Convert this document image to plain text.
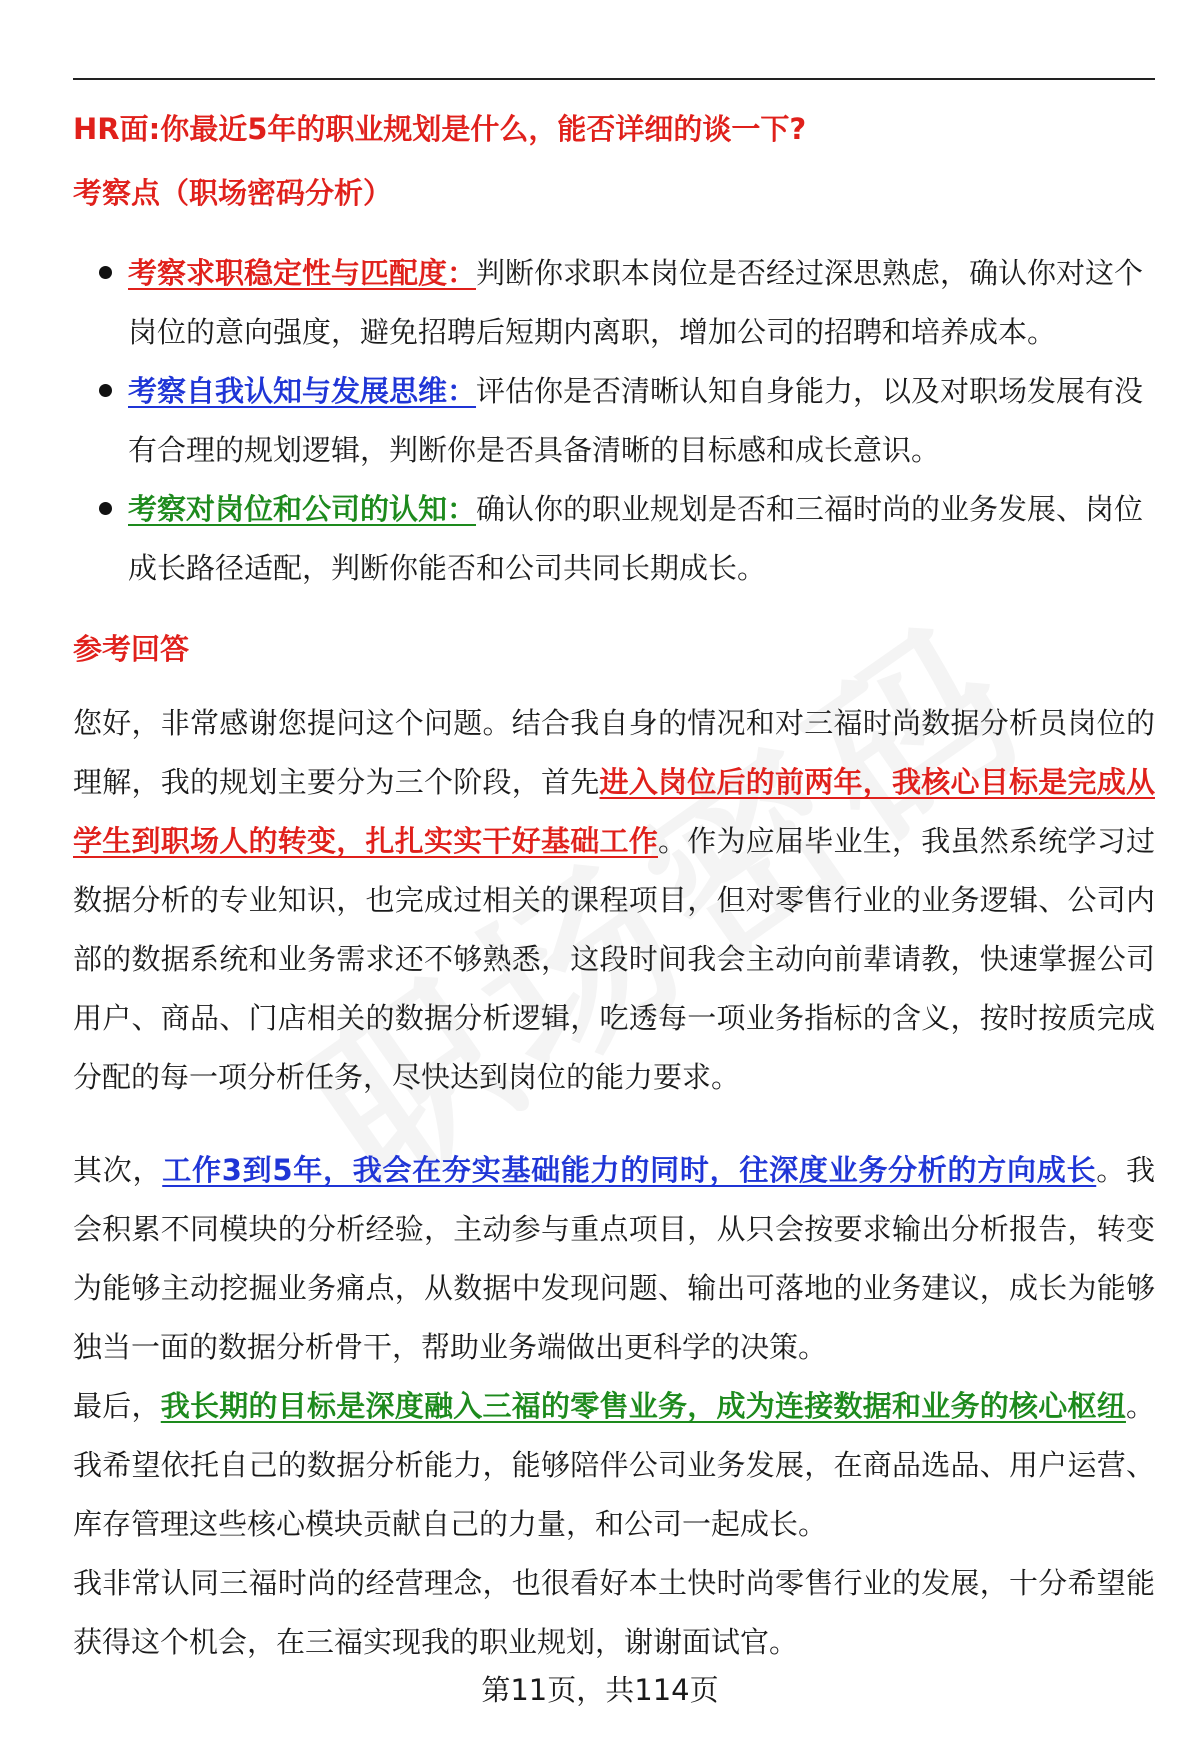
HR面:你最近5年的职业规划是什么，能否详细的谈一下?

考察点（职场密码分析）

考察求职稳定性与匹配度：判断你求职本岗位是否经过深思熟虑，确认你对这个岗位的意向强度，避免招聘后短期内离职，增加公司的招聘和培养成本。
考察自我认知与发展思维：评估你是否清晰认知自身能力，以及对职场发展有没有合理的规划逻辑，判断你是否具备清晰的目标感和成长意识。
考察对岗位和公司的认知：确认你的职业规划是否和三福时尚的业务发展、岗位成长路径适配，判断你能否和公司共同长期成长。

参考回答

您好，非常感谢您提问这个问题。结合我自身的情况和对三福时尚数据分析员岗位的理解，我的规划主要分为三个阶段，首先进入岗位后的前两年，我核心目标是完成从学生到职场人的转变，扎扎实实干好基础工作。作为应届毕业生，我虽然系统学习过数据分析的专业知识，也完成过相关的课程项目，但对零售行业的业务逻辑、公司内部的数据系统和业务需求还不够熟悉，这段时间我会主动向前辈请教，快速掌握公司用户、商品、门店相关的数据分析逻辑，吃透每一项业务指标的含义，按时按质完成分配的每一项分析任务，尽快达到岗位的能力要求。

其次，工作3到5年，我会在夯实基础能力的同时，往深度业务分析的方向成长。我会积累不同模块的分析经验，主动参与重点项目，从只会按要求输出分析报告，转变为能够主动挖掘业务痛点，从数据中发现问题、输出可落地的业务建议，成长为能够独当一面的数据分析骨干，帮助业务端做出更科学的决策。

最后，我长期的目标是深度融入三福的零售业务，成为连接数据和业务的核心枢纽。我希望依托自己的数据分析能力，能够陪伴公司业务发展，在商品选品、用户运营、库存管理这些核心模块贡献自己的力量，和公司一起成长。

我非常认同三福时尚的经营理念，也很看好本土快时尚零售行业的发展，十分希望能获得这个机会，在三福实现我的职业规划，谢谢面试官。

第11页，共114页
